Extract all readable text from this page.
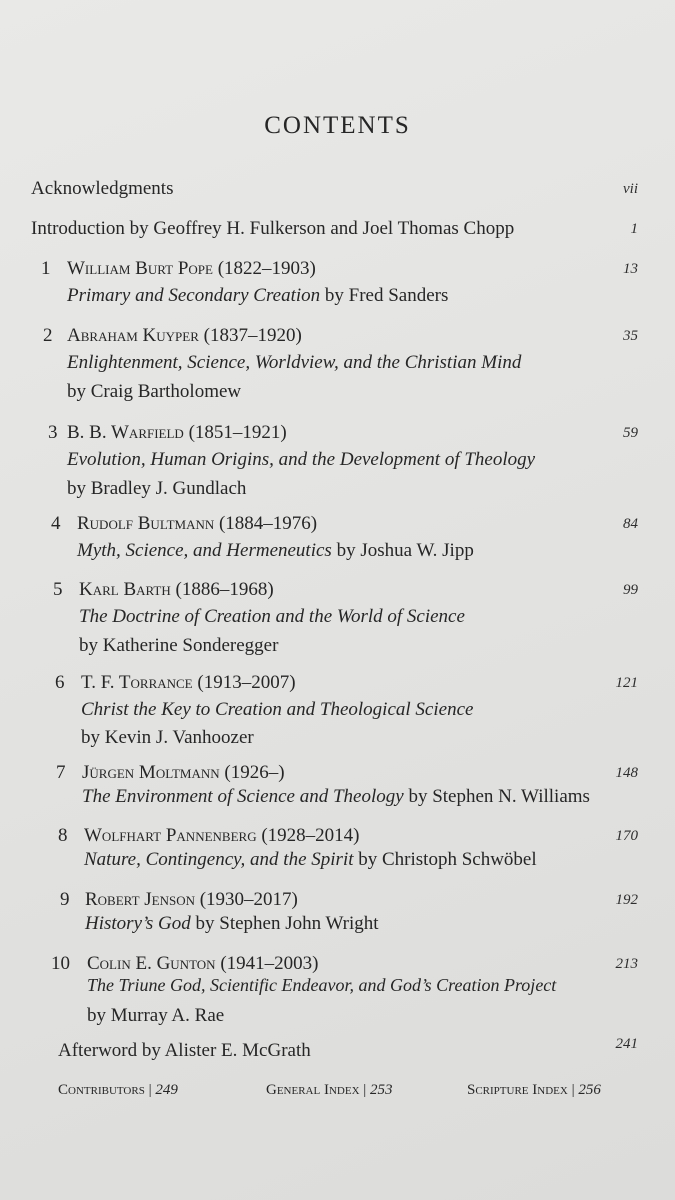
CONTENTS
Acknowledgments	vii
Introduction by Geoffrey H. Fulkerson and Joel Thomas Chopp	1
1 William Burt Pope (1822–1903)	13
Primary and Secondary Creation by Fred Sanders
2 Abraham Kuyper (1837–1920)	35
Enlightenment, Science, Worldview, and the Christian Mind
by Craig Bartholomew
3 B. B. Warfield (1851–1921)	59
Evolution, Human Origins, and the Development of Theology
by Bradley J. Gundlach
4 Rudolf Bultmann (1884–1976)	84
Myth, Science, and Hermeneutics by Joshua W. Jipp
5 Karl Barth (1886–1968)	99
The Doctrine of Creation and the World of Science
by Katherine Sonderegger
6 T. F. Torrance (1913–2007)	121
Christ the Key to Creation and Theological Science
by Kevin J. Vanhoozer
7 Jürgen Moltmann (1926–)	148
The Environment of Science and Theology by Stephen N. Williams
8 Wolfhart Pannenberg (1928–2014)	170
Nature, Contingency, and the Spirit by Christoph Schwöbel
9 Robert Jenson (1930–2017)	192
History’s God by Stephen John Wright
10 Colin E. Gunton (1941–2003)	213
The Triune God, Scientific Endeavor, and God’s Creation Project
by Murray A. Rae
Afterword by Alister E. McGrath	241
Contributors | 249	General Index | 253	Scripture Index | 256
